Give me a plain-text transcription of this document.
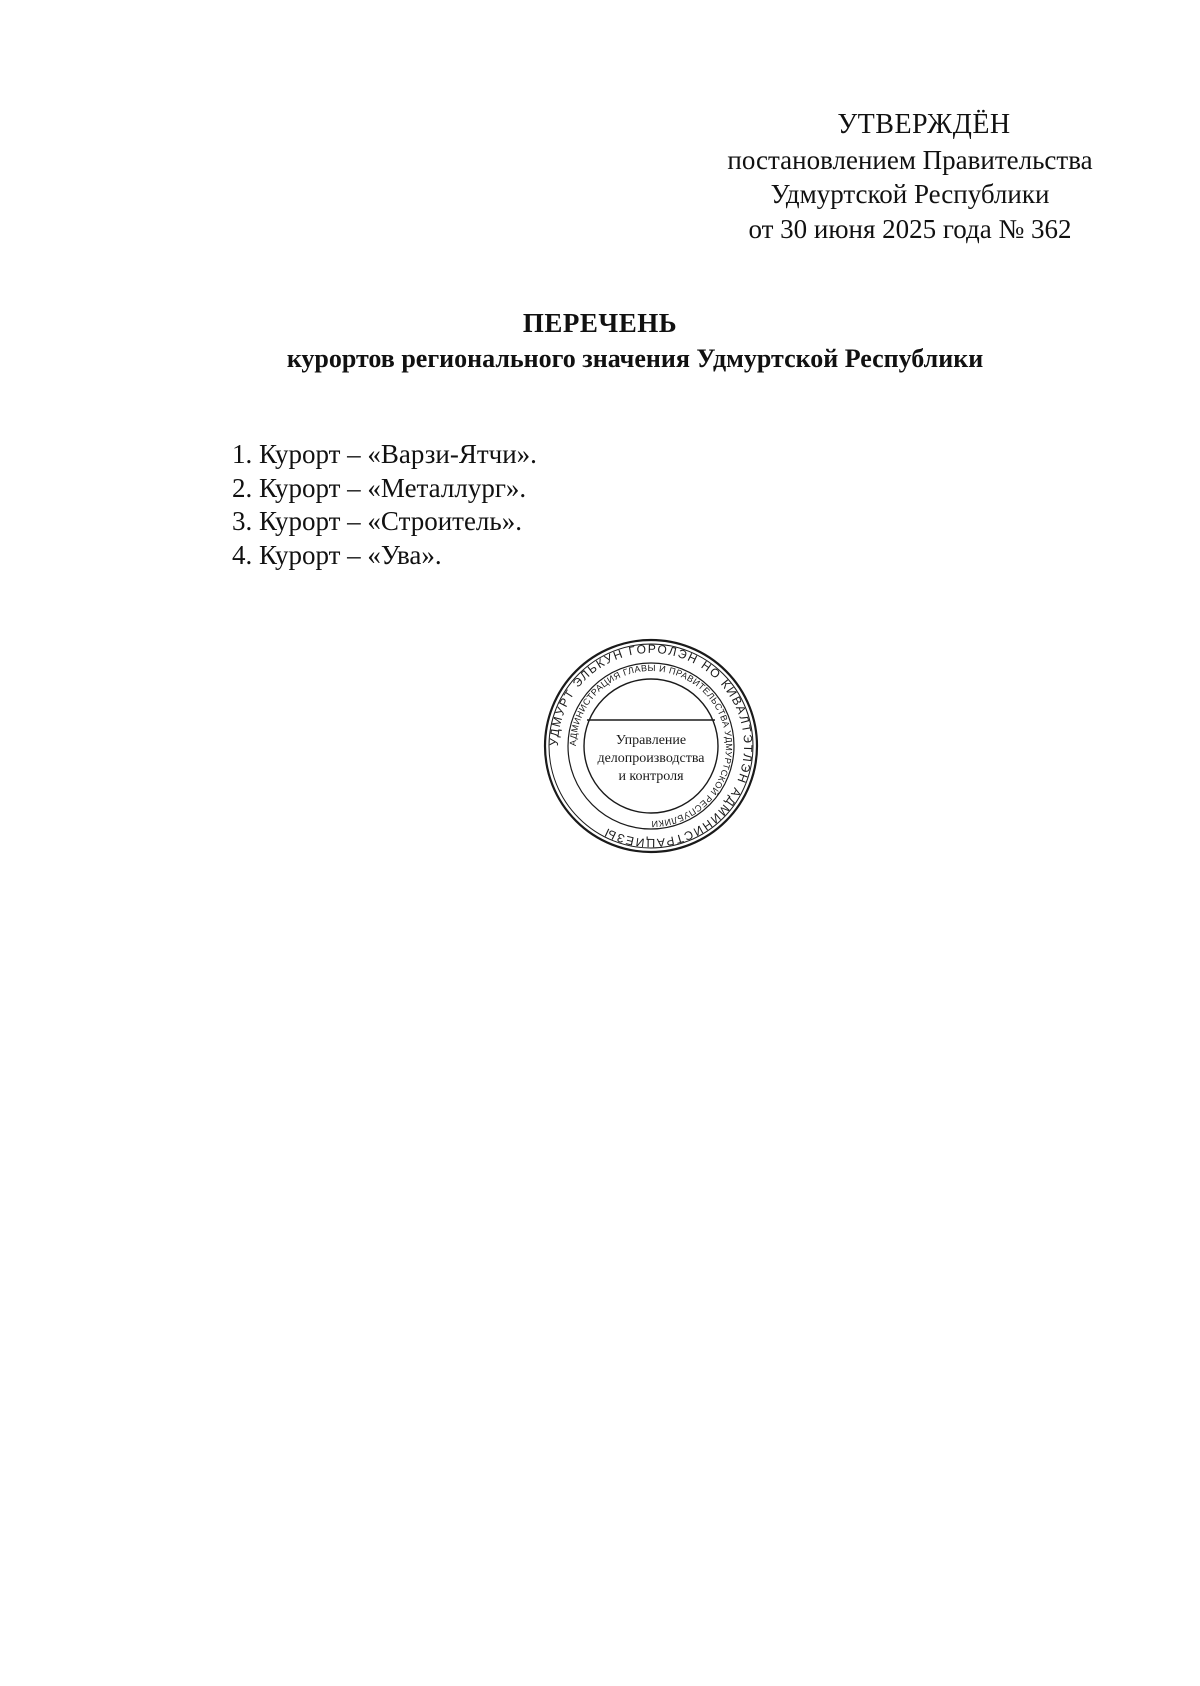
УТВЕРЖДЁН
постановлением Правительства
Удмуртской Республики
от 30 июня 2025 года № 362
ПЕРЕЧЕНЬ
курортов регионального значения Удмуртской Республики
1. Курорт – «Варзи-Ятчи».
2. Курорт – «Металлург».
3. Курорт – «Строитель».
4. Курорт – «Ува».
УДМУРТ ЭЛЬКУН ГОРОЛЭН НО КИВАЛТЭТЛЭН АДМИНИСТРАЦИЕЗЫ
АДМИНИСТРАЦИЯ ГЛАВЫ И ПРАВИТЕЛЬСТВА УДМУРТСКОЙ РЕСПУБЛИКИ
Управление
делопроизводства
и контроля
